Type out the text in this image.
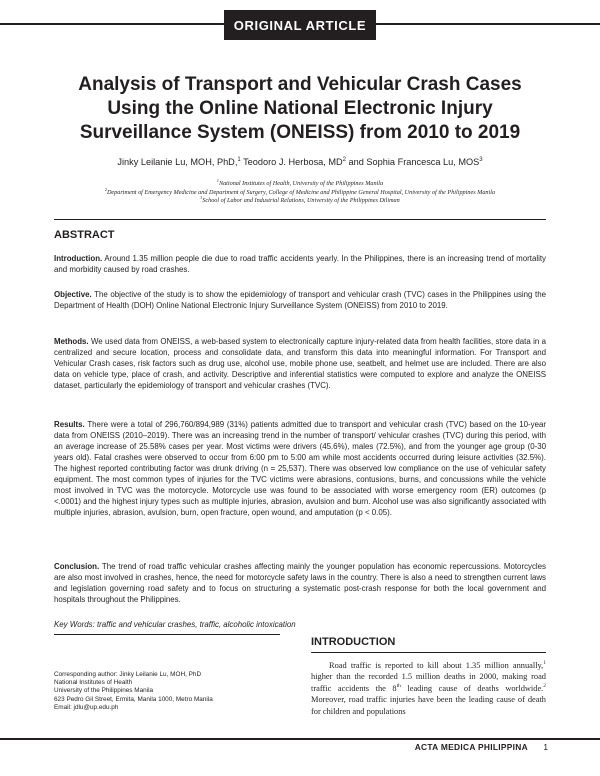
ORIGINAL ARTICLE
Analysis of Transport and Vehicular Crash Cases
Using the Online National Electronic Injury
Surveillance System (ONEISS) from 2010 to 2019
Jinky Leilanie Lu, MOH, PhD,$^1$ Teodoro J. Herbosa, $MD^2$ and Sophia Francesca Lu, MOS$^3$
$^1$National Institutes of Health, University of the Philippines Manila
$^2$Department of Emergency Medicine and Department of Surgery, College of Medicine and Philippine General Hospital, University of the Philippines Manila
$^3$School of Labor and Industrial Relations, University of the Philippines Diliman
ABSTRACT
Introduction. Around 1.35 million people die due to road traffic accidents yearly. In the Philippines, there is an increasing trend of mortality and morbidity caused by road crashes.
Objective. The objective of the study is to show the epidemiology of transport and vehicular crash (TVC) cases in the Philippines using the Department of Health (DOH) Online National Electronic Injury Surveillance System (ONEISS) from 2010 to 2019.
Methods. We used data from ONEISS, a web-based system to electronically capture injury-related data from health facilities, store data in a centralized and secure location, process and consolidate data, and transform this data into meaningful information. For Transport and Vehicular Crash cases, risk factors such as drug use, alcohol use, mobile phone use, seatbelt, and helmet use are included. There are also data on vehicle type, place of crash, and activity. Descriptive and inferential statistics were computed to explore and analyze the ONEISS dataset, particularly the epidemiology of transport and vehicular crashes (TVC).
Results. There were a total of 296,760/894,989 (31%) patients admitted due to transport and vehicular crash (TVC) based on the 10-year data from ONEISS (2010–2019). There was an increasing trend in the number of transport/ vehicular crashes (TVC) during this period, with an average increase of 25.58% cases per year. Most victims were drivers (45.6%), males (72.5%), and from the younger age group (0-30 years old). Fatal crashes were observed to occur from 6:00 pm to 5:00 am while most accidents occurred during leisure activities (32.5%). The highest reported contributing factor was drunk driving (n = 25,537). There was observed low compliance on the use of vehicular safety equipment. The most common types of injuries for the TVC victims were abrasions, contusions, burns, and concussions while the vehicle most involved in TVC was the motorcycle. Motorcycle use was found to be associated with worse emergency room (ER) outcomes (p <.0001) and the highest injury types such as multiple injuries, abrasion, avulsion and burn. Alcohol use was also significantly associated with multiple injuries, abrasion, avulsion, burn, open fracture, open wound, and amputation (p < 0.05).
Conclusion. The trend of road traffic vehicular crashes affecting mainly the younger population has economic repercussions. Motorcycles are also most involved in crashes, hence, the need for motorcycle safety laws in the country. There is also a need to strengthen current laws and legislation governing road safety and to focus on structuring a systematic post-crash response for both the local government and hospitals throughout the Philippines.
Key Words: traffic and vehicular crashes, traffic, alcoholic intoxication
INTRODUCTION
Road traffic is reported to kill about 1.35 million annually,$^1$ higher than the recorded 1.5 million deaths in 2000, making road traffic accidents the 8th leading cause of deaths worldwide.$^2$ Moreover, road traffic injuries have been the leading cause of death for children and populations
Corresponding author: Jinky Leilanie Lu, MOH, PhD
National Institutes of Health
University of the Philippines Manila
623 Pedro Gil Street, Ermita, Manila 1000, Metro Manila
Email: jdlu@up.edu.ph
ACTA MEDICA PHILIPPINA 1
